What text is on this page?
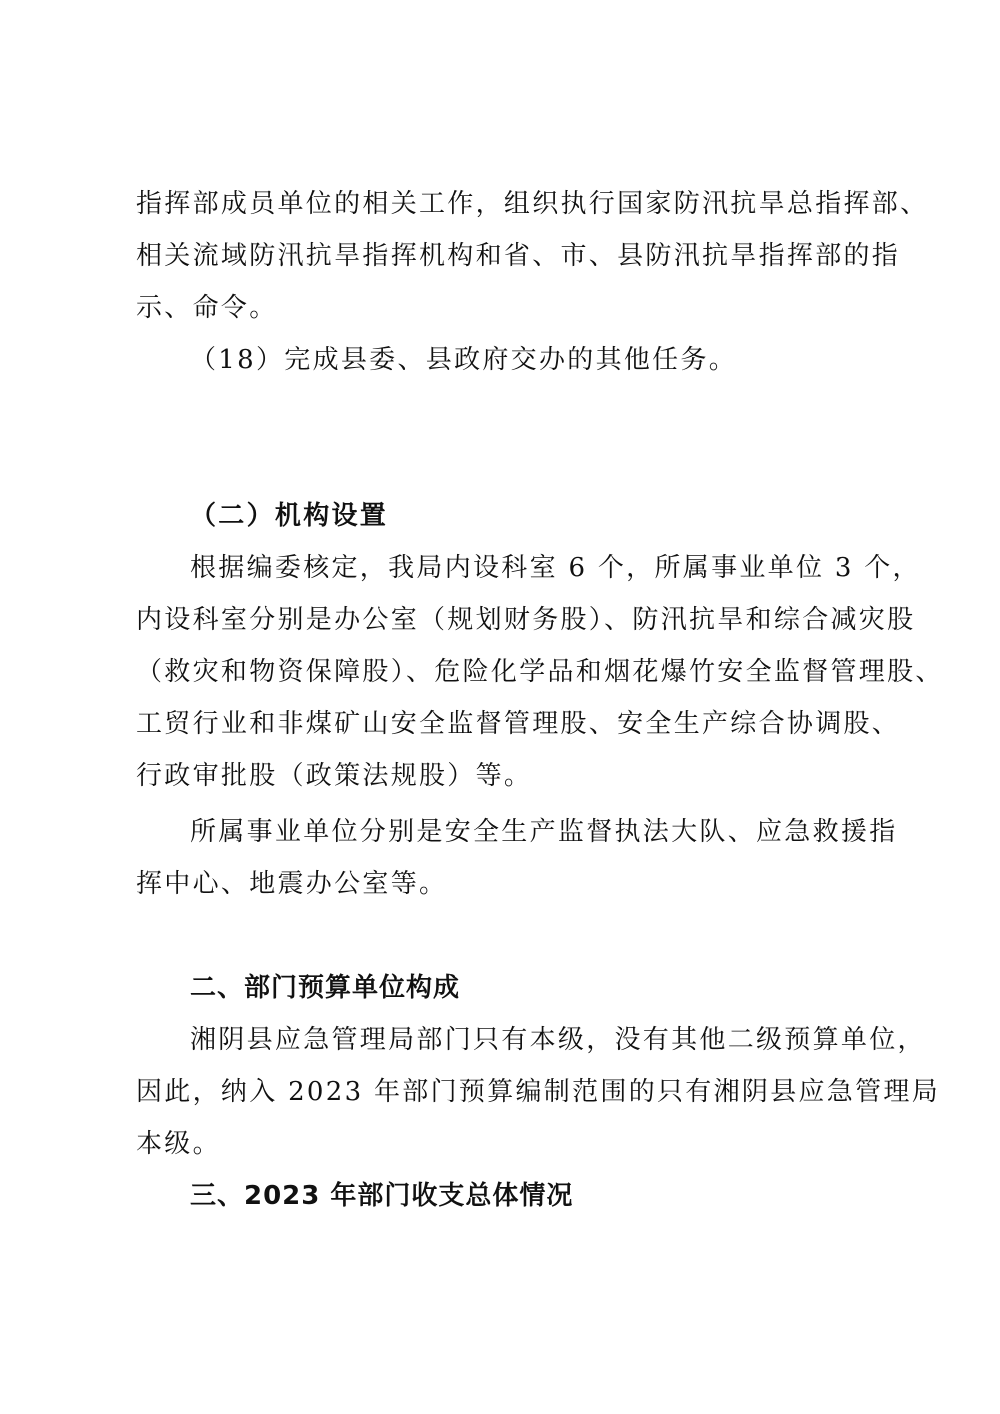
指挥部成员单位的相关工作，组织执行国家防汛抗旱总指挥部、
相关流域防汛抗旱指挥机构和省、市、县防汛抗旱指挥部的指
示、命令。
（18）完成县委、县政府交办的其他任务。
（二）机构设置
根据编委核定，我局内设科室 6 个，所属事业单位 3 个，
内设科室分别是办公室（规划财务股）、防汛抗旱和综合减灾股
（救灾和物资保障股）、危险化学品和烟花爆竹安全监督管理股、
工贸行业和非煤矿山安全监督管理股、安全生产综合协调股、
行政审批股（政策法规股）等。
所属事业单位分别是安全生产监督执法大队、应急救援指
挥中心、地震办公室等。
二、部门预算单位构成
湘阴县应急管理局部门只有本级，没有其他二级预算单位，
因此，纳入 2023 年部门预算编制范围的只有湘阴县应急管理局
本级。
三、2023 年部门收支总体情况
